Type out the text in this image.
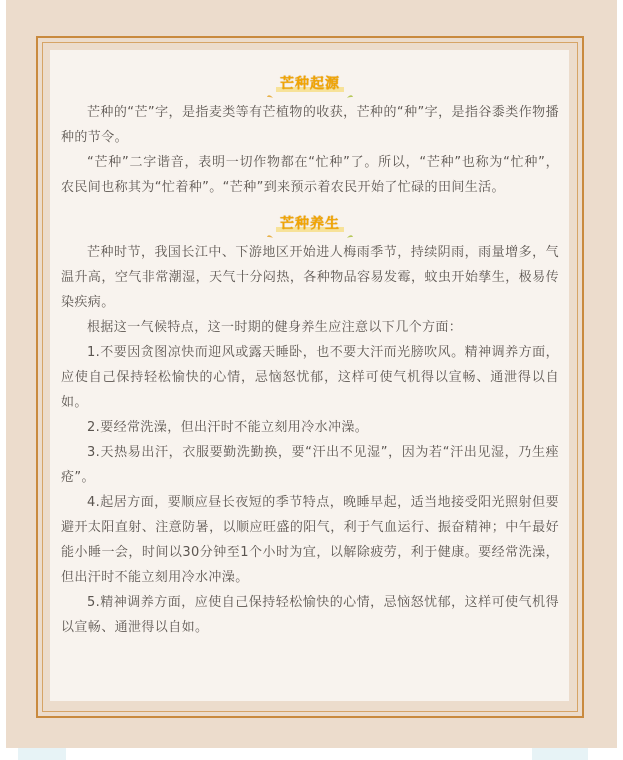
芒种起源

芒种的“芒”字，是指麦类等有芒植物的收获，芒种的“种”字，是指谷黍类作物播种的节令。

“芒种”二字谐音，表明一切作物都在“忙种”了。所以，“芒种”也称为“忙种”，农民间也称其为“忙着种”。“芒种”到来预示着农民开始了忙碌的田间生活。

芒种养生

芒种时节，我国长江中、下游地区开始进人梅雨季节，持续阴雨，雨量增多，气温升高，空气非常潮湿，天气十分闷热，各种物品容易发霉，蚊虫开始孳生，极易传染疾病。

根据这一气候特点，这一时期的健身养生应注意以下几个方面：

1.不要因贪图凉快而迎风或露天睡卧，也不要大汗而光膀吹风。精神调养方面，应使自己保持轻松愉快的心情，忌恼怒忧郁，这样可使气机得以宣畅、通泄得以自如。

2.要经常洗澡，但出汗时不能立刻用冷水冲澡。

3.天热易出汗，衣服要勤洗勤换，要“汗出不见湿”，因为若“汗出见湿，乃生痤疮”。

4.起居方面，要顺应昼长夜短的季节特点，晚睡早起，适当地接受阳光照射但要避开太阳直射、注意防暑，以顺应旺盛的阳气，利于气血运行、振奋精神；中午最好能小睡一会，时间以30分钟至1个小时为宜，以解除疲劳，利于健康。要经常洗澡，但出汗时不能立刻用冷水冲澡。

5.精神调养方面，应使自己保持轻松愉快的心情，忌恼怒忧郁，这样可使气机得以宣畅、通泄得以自如。
